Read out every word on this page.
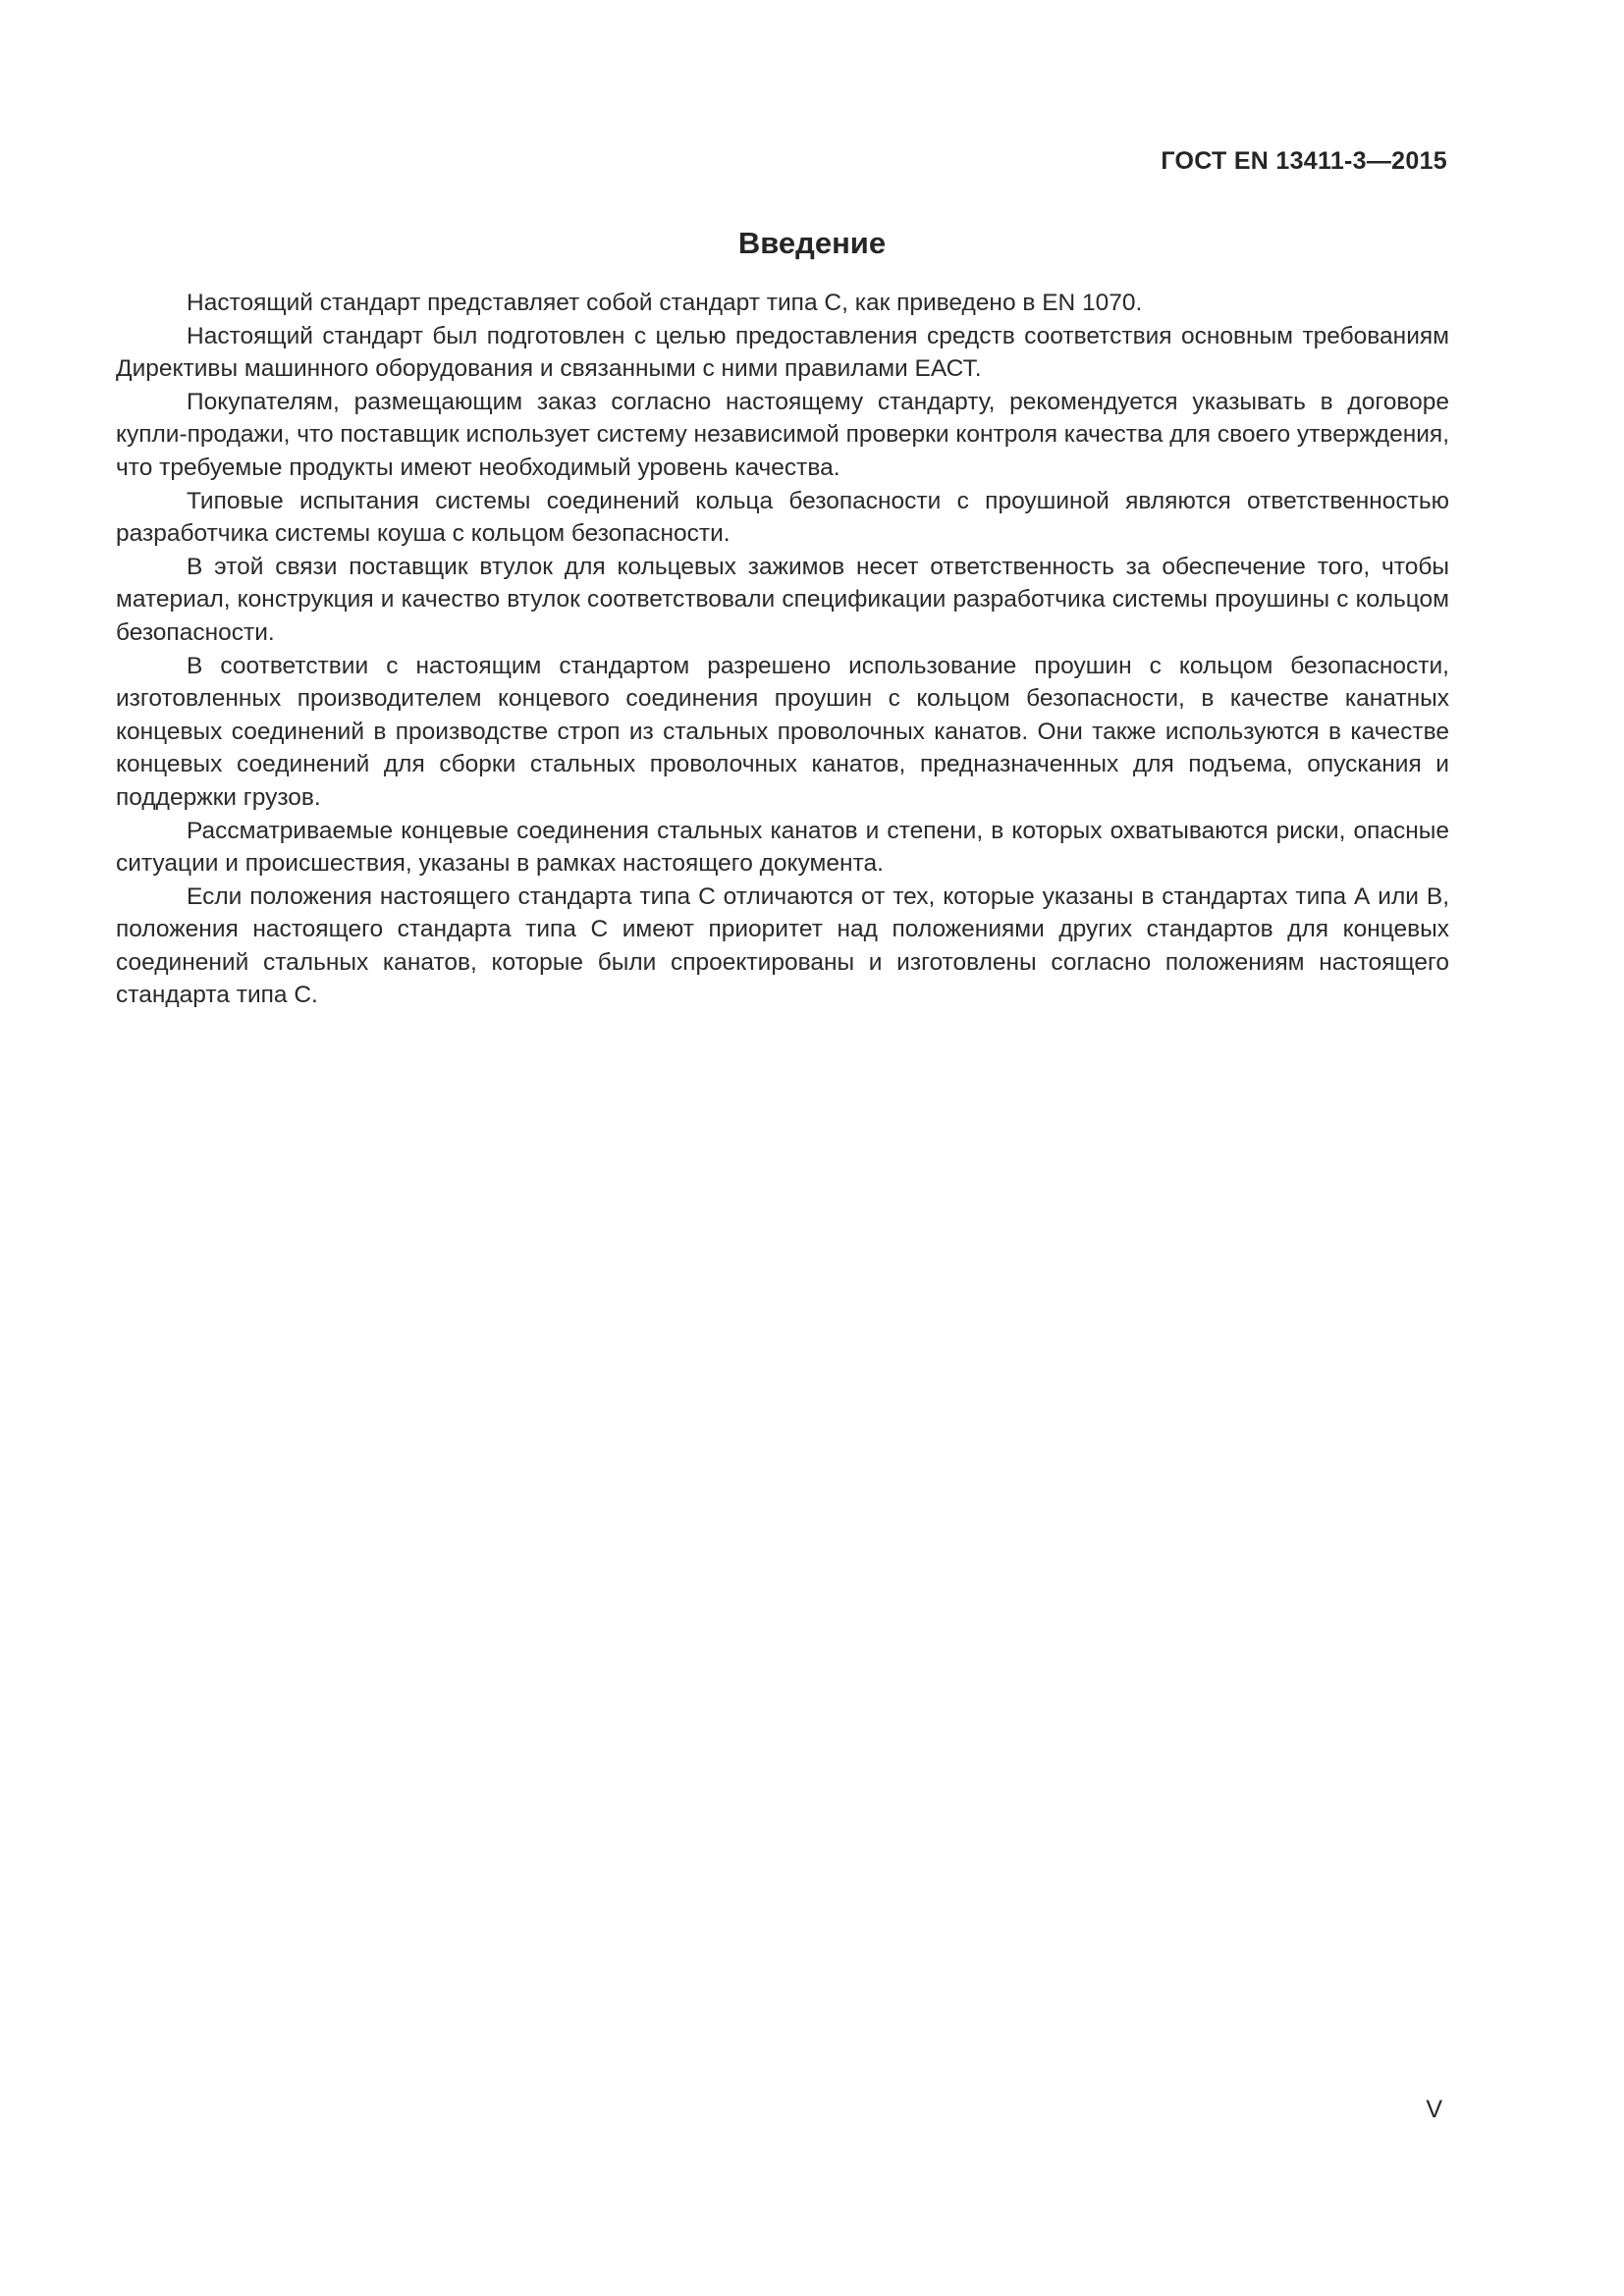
ГОСТ EN 13411-3—2015
Введение

Настоящий стандарт представляет собой стандарт типа С, как приведено в EN 1070.

Настоящий стандарт был подготовлен с целью предоставления средств соответствия основным требованиям Директивы машинного оборудования и связанными с ними правилами ЕАСТ.

Покупателям, размещающим заказ согласно настоящему стандарту, рекомендуется указывать в договоре купли-продажи, что поставщик использует систему независимой проверки контроля качества для своего утверждения, что требуемые продукты имеют необходимый уровень качества.

Типовые испытания системы соединений кольца безопасности с проушиной являются ответственностью разработчика системы коуша с кольцом безопасности.

В этой связи поставщик втулок для кольцевых зажимов несет ответственность за обеспечение того, чтобы материал, конструкция и качество втулок соответствовали спецификации разработчика системы проушины с кольцом безопасности.

В соответствии с настоящим стандартом разрешено использование проушин с кольцом безопасности, изготовленных производителем концевого соединения проушин с кольцом безопасности, в качестве канатных концевых соединений в производстве строп из стальных проволочных канатов. Они также используются в качестве концевых соединений для сборки стальных проволочных канатов, предназначенных для подъема, опускания и поддержки грузов.

Рассматриваемые концевые соединения стальных канатов и степени, в которых охватываются риски, опасные ситуации и происшествия, указаны в рамках настоящего документа.

Если положения настоящего стандарта типа С отличаются от тех, которые указаны в стандартах типа А или В, положения настоящего стандарта типа С имеют приоритет над положениями других стандартов для концевых соединений стальных канатов, которые были спроектированы и изготовлены согласно положениям настоящего стандарта типа С.

V
